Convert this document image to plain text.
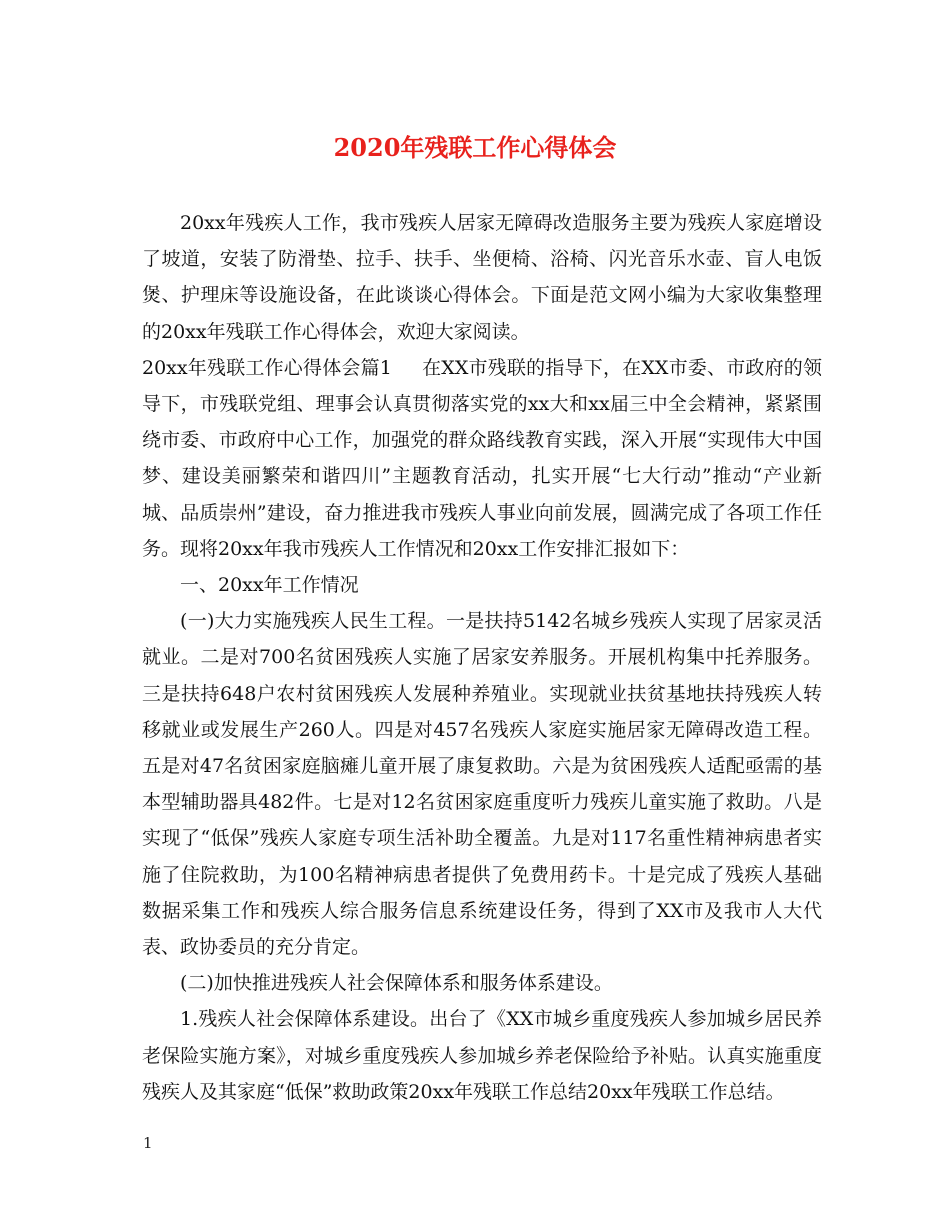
2020年残联工作心得体会

20xx年残疾人工作，我市残疾人居家无障碍改造服务主要为残疾人家庭增设了坡道，安装了防滑垫、拉手、扶手、坐便椅、浴椅、闪光音乐水壶、盲人电饭煲、护理床等设施设备，在此谈谈心得体会。下面是范文网小编为大家收集整理的20xx年残联工作心得体会，欢迎大家阅读。

20xx年残联工作心得体会篇1 在XX市残联的指导下，在XX市委、市政府的领导下，市残联党组、理事会认真贯彻落实党的xx大和xx届三中全会精神，紧紧围绕市委、市政府中心工作，加强党的群众路线教育实践，深入开展“实现伟大中国梦、建设美丽繁荣和谐四川”主题教育活动，扎实开展“七大行动”推动“产业新城、品质崇州”建设，奋力推进我市残疾人事业向前发展，圆满完成了各项工作任务。现将20xx年我市残疾人工作情况和20xx工作安排汇报如下：

一、20xx年工作情况

(一)大力实施残疾人民生工程。一是扶持5142名城乡残疾人实现了居家灵活就业。二是对700名贫困残疾人实施了居家安养服务。开展机构集中托养服务。三是扶持648户农村贫困残疾人发展种养殖业。实现就业扶贫基地扶持残疾人转移就业或发展生产260人。四是对457名残疾人家庭实施居家无障碍改造工程。五是对47名贫困家庭脑瘫儿童开展了康复救助。六是为贫困残疾人适配亟需的基本型辅助器具482件。七是对12名贫困家庭重度听力残疾儿童实施了救助。八是实现了“低保”残疾人家庭专项生活补助全覆盖。九是对117名重性精神病患者实施了住院救助，为100名精神病患者提供了免费用药卡。十是完成了残疾人基础数据采集工作和残疾人综合服务信息系统建设任务，得到了XX市及我市人大代表、政协委员的充分肯定。

(二)加快推进残疾人社会保障体系和服务体系建设。

1.残疾人社会保障体系建设。出台了《XX市城乡重度残疾人参加城乡居民养老保险实施方案》，对城乡重度残疾人参加城乡养老保险给予补贴。认真实施重度残疾人及其家庭“低保”救助政策20xx年残联工作总结20xx年残联工作总结。

1
